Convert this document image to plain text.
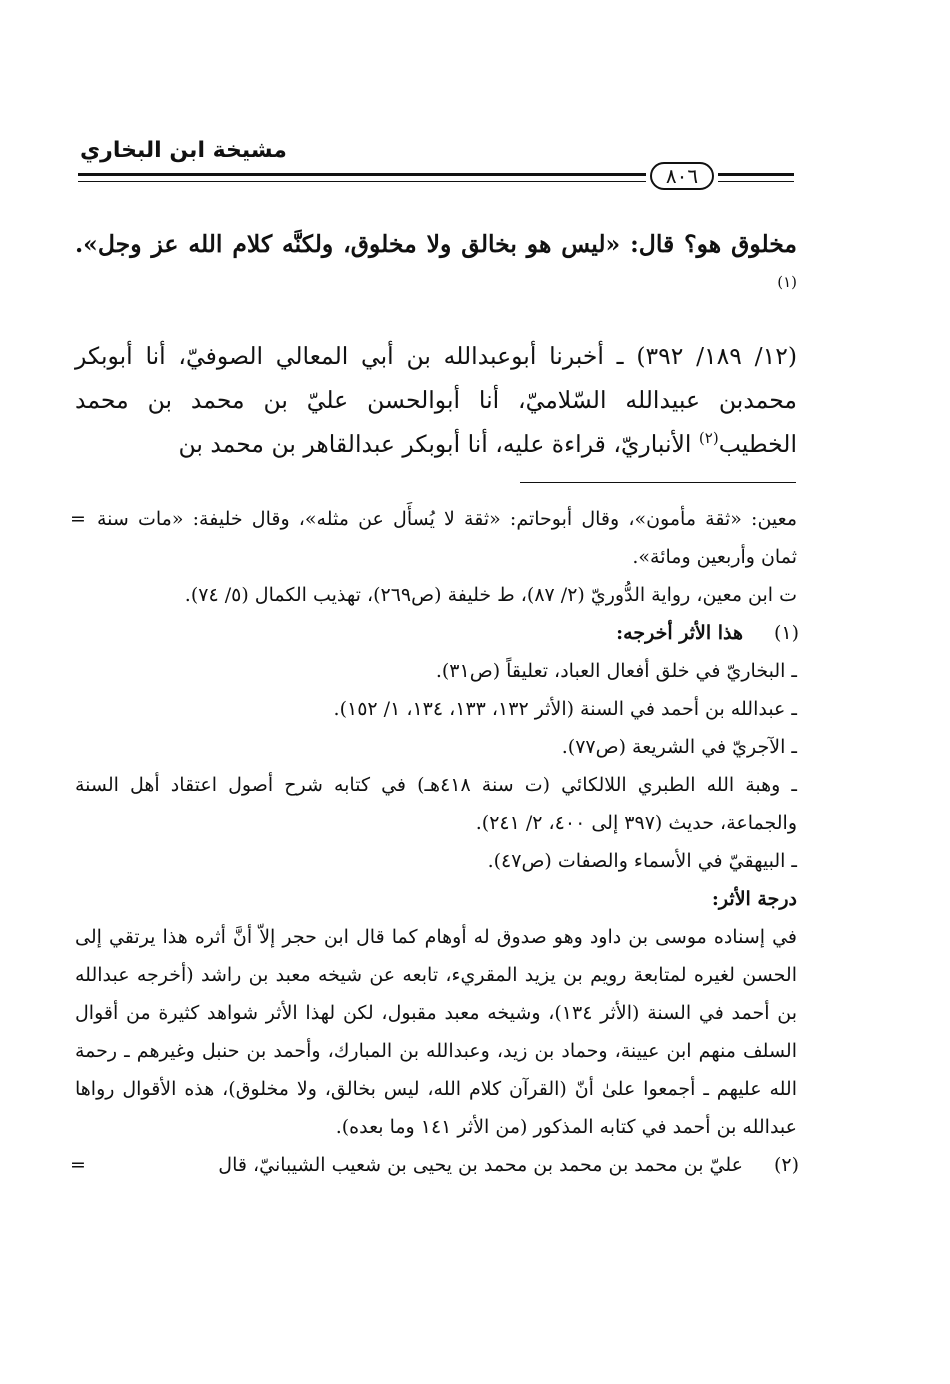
مشيخة ابن البخاري
٨٠٦

مخلوق هو؟ قال: «ليس هو بخالق ولا مخلوق، ولكنَّه كلام الله عز وجل». $^{(١)}$

(١٢/ ١٨٩/ ٣٩٢) ـ أخبرنا أبوعبدالله بن أبي المعالي الصوفيّ، أنا أبوبكر محمدبن عبيدالله السّلاميّ، أنا أبوالحسن عليّ بن محمد بن محمد الخطيب$^{(٢)}$ الأنباريّ، قراءة عليه، أنا أبوبكر عبدالقاهر بن محمد بن

= معين: «ثقة مأمون»، وقال أبوحاتم: «ثقة لا يُسأَل عن مثله»، وقال خليفة: «مات سنة ثمان وأربعين ومائة».
ت ابن معين، رواية الدُّوريّ (٢/ ٨٧)، ط خليفة (ص٢٦٩)، تهذيب الكمال (٥/ ٧٤).
(١)
هذا الأثر أخرجه:
ـ البخاريّ في خلق أفعال العباد، تعليقاً (ص٣١).
ـ عبدالله بن أحمد في السنة (الأثر ١٣٢، ١٣٣، ١٣٤، ١/ ١٥٢).
ـ الآجريّ في الشريعة (ص٧٧).
ـ وهبة الله الطبري اللالكائي (ت سنة ٤١٨هـ) في كتابه شرح أصول اعتقاد أهل السنة والجماعة، حديث (٣٩٧ إلى ٤٠٠، ٢/ ٢٤١).
ـ البيهقيّ في الأسماء والصفات (ص٤٧).
درجة الأثر:
في إسناده موسى بن داود وهو صدوق له أوهام كما قال ابن حجر إلاّ أنَّ أثره هذا يرتقي إلى الحسن لغيره لمتابعة رويم بن يزيد المقريء، تابعه عن شيخه معبد بن راشد (أخرجه عبدالله بن أحمد في السنة (الأثر ١٣٤)، وشيخه معبد مقبول، لكن لهذا الأثر شواهد كثيرة من أقوال السلف منهم ابن عيينة، وحماد بن زيد، وعبدالله بن المبارك، وأحمد بن حنبل وغيرهم ـ رحمة الله عليهم ـ أجمعوا علىٰ أنّ (القرآن كلام الله، ليس بخالق، ولا مخلوق)، هذه الأقوال رواها عبدالله بن أحمد في كتابه المذكور (من الأثر ١٤١ وما بعده).
(٢)
=	عليّ بن محمد بن محمد بن محمد بن يحيى بن شعيب الشيبانيّ، قال
